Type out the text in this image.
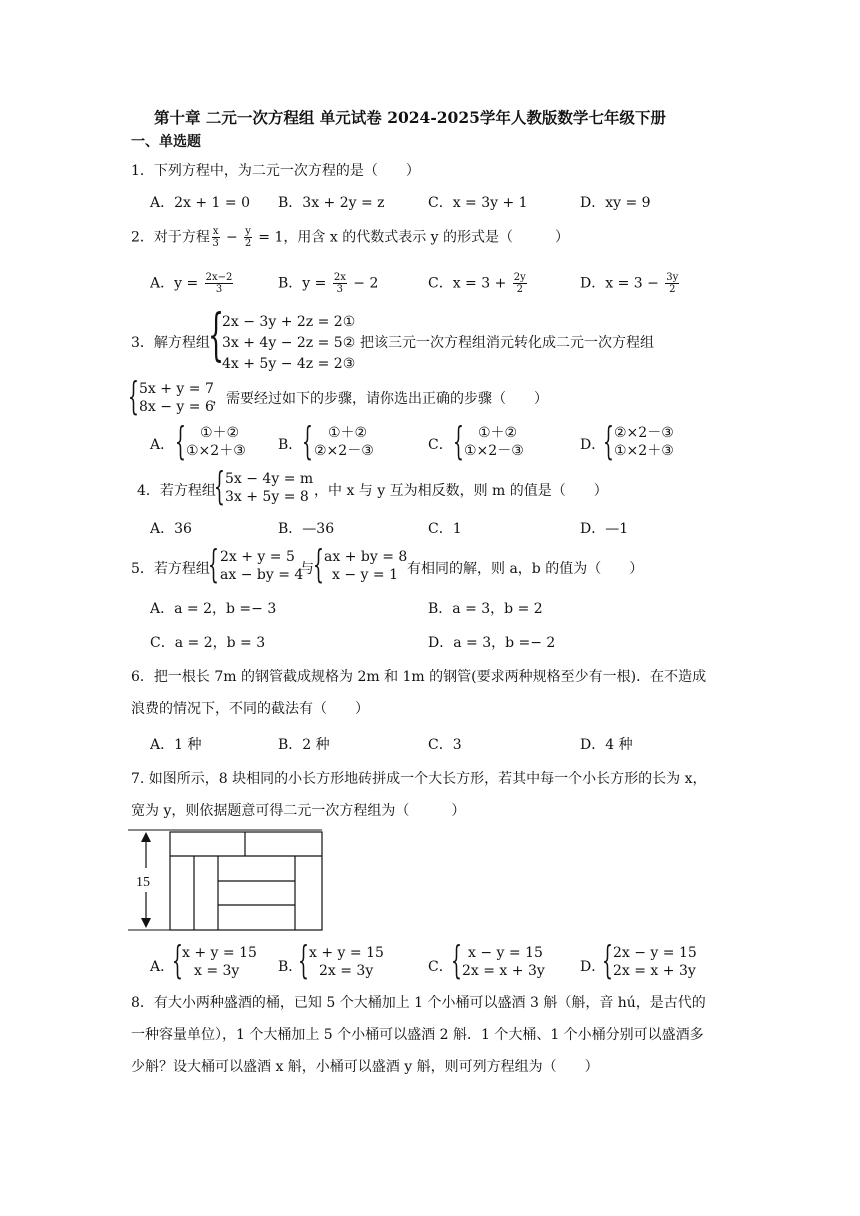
第十章 二元一次方程组 单元试卷 2024-2025学年人教版数学七年级下册
一、单选题
1．下列方程中，为二元一次方程的是（　　）
A．2x + 1 = 0 B．3x + 2y = z	C．x = 3y + 1	D．xy = 9
2．对于方程 $\frac{x}{3} - \frac{y}{2} = 1$，用含 x 的代数式表示 y 的形式是（　　　）
A．$y = \frac{2x-2}{3}$	B．$y = \frac{2x}{3} - 2$	C．$x = 3 + \frac{2y}{2}$	D．$x = 3 - \frac{3y}{2}$
3．解方程组
{
2x − 3y + 2z = 2①
3x + 4y − 2z = 5②
4x + 5y − 4z = 2③
把该三元一次方程组消元转化成二元一次方程组
{ 5x + y = 7
8x − y = 6
，需要经过如下的步骤，请你选出正确的步骤（　　）
A． {	①＋②
①×2＋③ B． {	①＋②
②×2－③	C． {	①＋②
①×2－③	D．
{ ②×2－③
①×2＋③
4．若方程组
{ 5x − 4y = m
3x + 5y = 8 ，中 x 与 y 互为相反数，则 m 的值是（　　）
A．36	B．—36	C．1	D．—1
5．若方程组
{ 2x + y = 5
ax − by = 4
与 { ax + by = 8
x − y = 1 有相同的解，则 a，b 的值为（　　）
A．a = 2，b =− 3	B．a = 3，b = 2
C．a = 2，b = 3	D．a = 3，b =− 2
6．把一根长 7m 的钢管截成规格为 2m 和 1m 的钢管(要求两种规格至少有一根)．在不造成
浪费的情况下，不同的截法有（　　）
A．1 种	B．2 种	C．3	D．4 种
7. 如图所示，8 块相同的小长方形地砖拼成一个大长方形，若其中每一个小长方形的长为 x，
宽为 y，则依据题意可得二元一次方程组为（　　　）
15
A．
{ x + y = 15
x = 3y	B．
{ x + y = 15
2x = 3y	C．
{ x − y = 15
2x = x + 3y	D．
{ 2x − y = 15
2x = x + 3y
8．有大小两种盛酒的桶，已知 5 个大桶加上 1 个小桶可以盛酒 3 斛（斛，音 hú，是古代的
一种容量单位），1 个大桶加上 5 个小桶可以盛酒 2 斛．1 个大桶、1 个小桶分别可以盛酒多
少斛？设大桶可以盛酒 x 斛，小桶可以盛酒 y 斛，则可列方程组为（　　）
